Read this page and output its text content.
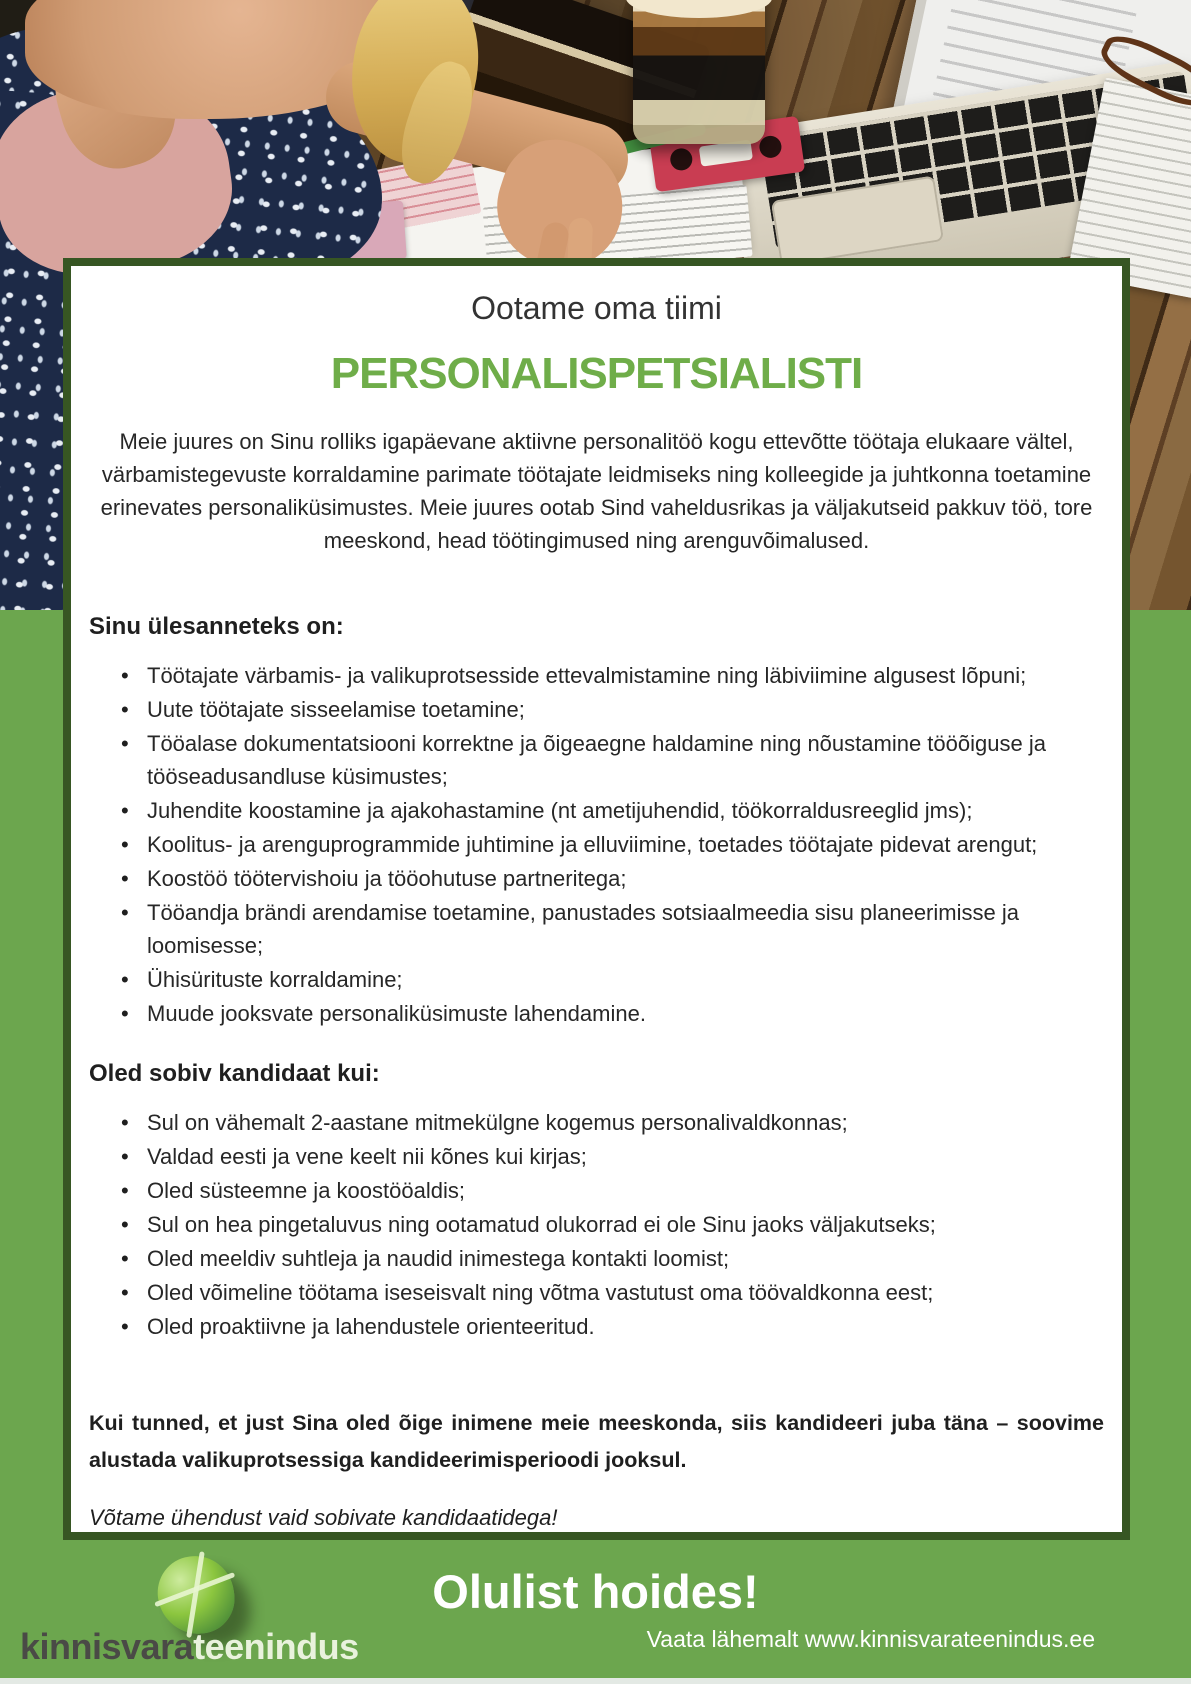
Ootame oma tiimi
PERSONALISPETSIALISTI

Meie juures on Sinu rolliks igapäevane aktiivne personalitöö kogu ettevõtte töötaja elukaare vältel, värbamistegevuste korraldamine parimate töötajate leidmiseks ning kolleegide ja juhtkonna toetamine erinevates personaliküsimustes. Meie juures ootab Sind vaheldusrikas ja väljakutseid pakkuv töö, tore meeskond, head töötingimused ning arenguvõimalused.

Sinu ülesanneteks on:
• Töötajate värbamis- ja valikuprotsesside ettevalmistamine ning läbiviimine algusest lõpuni;
• Uute töötajate sisseelamise toetamine;
• Tööalase dokumentatsiooni korrektne ja õigeaegne haldamine ning nõustamine tööõiguse ja tööseadusandluse küsimustes;
• Juhendite koostamine ja ajakohastamine (nt ametijuhendid, töökorraldusreeglid jms);
• Koolitus- ja arenguprogrammide juhtimine ja elluviimine, toetades töötajate pidevat arengut;
• Koostöö töötervishoiu ja tööohutuse partneritega;
• Tööandja brändi arendamise toetamine, panustades sotsiaalmeedia sisu planeerimisse ja loomisesse;
• Ühisürituste korraldamine;
• Muude jooksvate personaliküsimuste lahendamine.
Oled sobiv kandidaat kui:
• Sul on vähemalt 2-aastane mitmekülgne kogemus personalivaldkonnas;
• Valdad eesti ja vene keelt nii kõnes kui kirjas;
• Oled süsteemne ja koostööaldis;
• Sul on hea pingetaluvus ning ootamatud olukorrad ei ole Sinu jaoks väljakutseks;
• Oled meeldiv suhtleja ja naudid inimestega kontakti loomist;
• Oled võimeline töötama iseseisvalt ning võtma vastutust oma töövaldkonna eest;
• Oled proaktiivne ja lahendustele orienteeritud.

Kui tunned, et just Sina oled õige inimene meie meeskonda, siis kandideeri juba täna – soovime alustada valikuprotsessiga kandideerimisperioodi jooksul.

Võtame ühendust vaid sobivate kandidaatidega!

kinnisvarateenindus
Olulist hoides!
Vaata lähemalt www.kinnisvarateenindus.ee
